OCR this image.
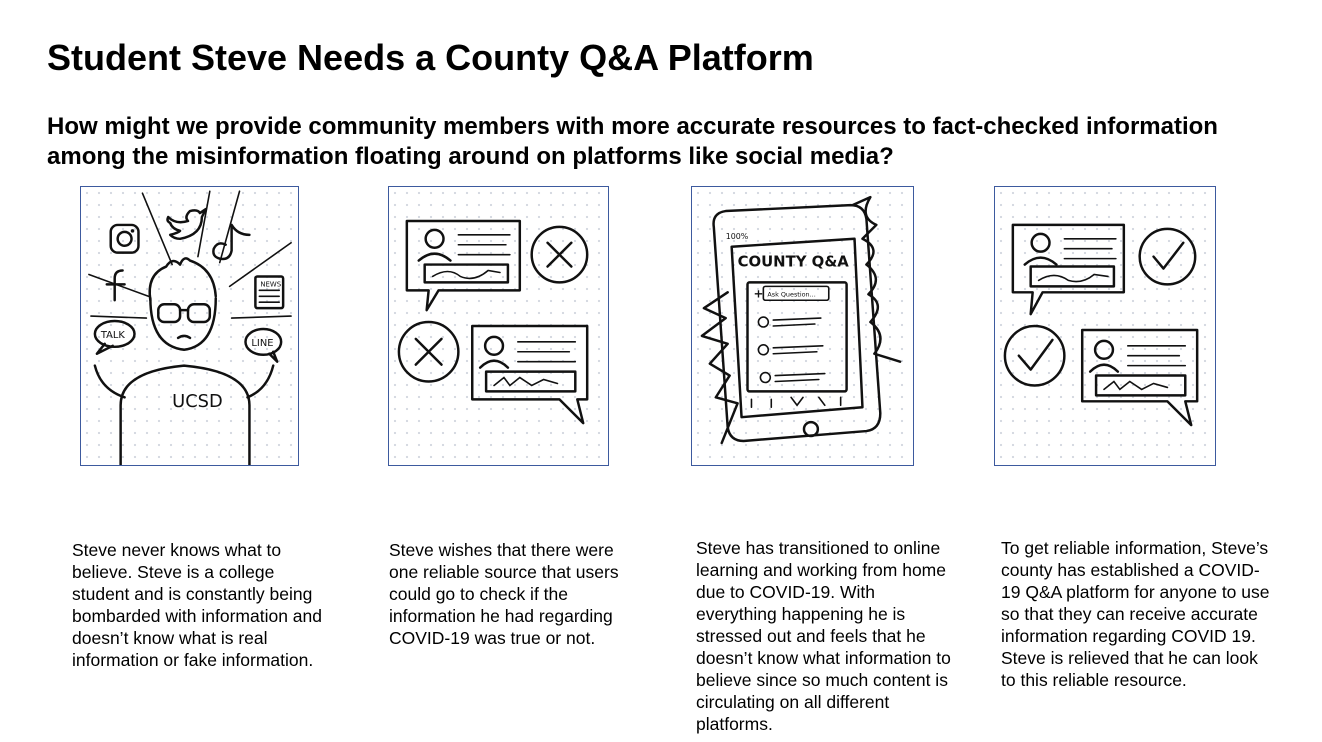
Student Steve Needs a County Q&A Platform
How might we provide community members with more accurate resources to fact-checked information among the misinformation floating around on platforms like social media?
NEWS
TALK
LINE
UCSD
100%
COUNTY Q&A
+ Ask Question...

Steve never knows what to believe. Steve is a college student and is constantly being bombarded with information and doesn’t know what is real information or fake information.

Steve wishes that there were one reliable source that users could go to check if the information he had regarding COVID-19 was true or not.

Steve has transitioned to online learning and working from home due to COVID-19. With everything happening he is stressed out and feels that he doesn’t know what information to believe since so much content is circulating on all different platforms.

To get reliable information, Steve’s county has established a COVID-19 Q&A platform for anyone to use so that they can receive accurate information regarding COVID 19. Steve is relieved that he can look to this reliable resource.
